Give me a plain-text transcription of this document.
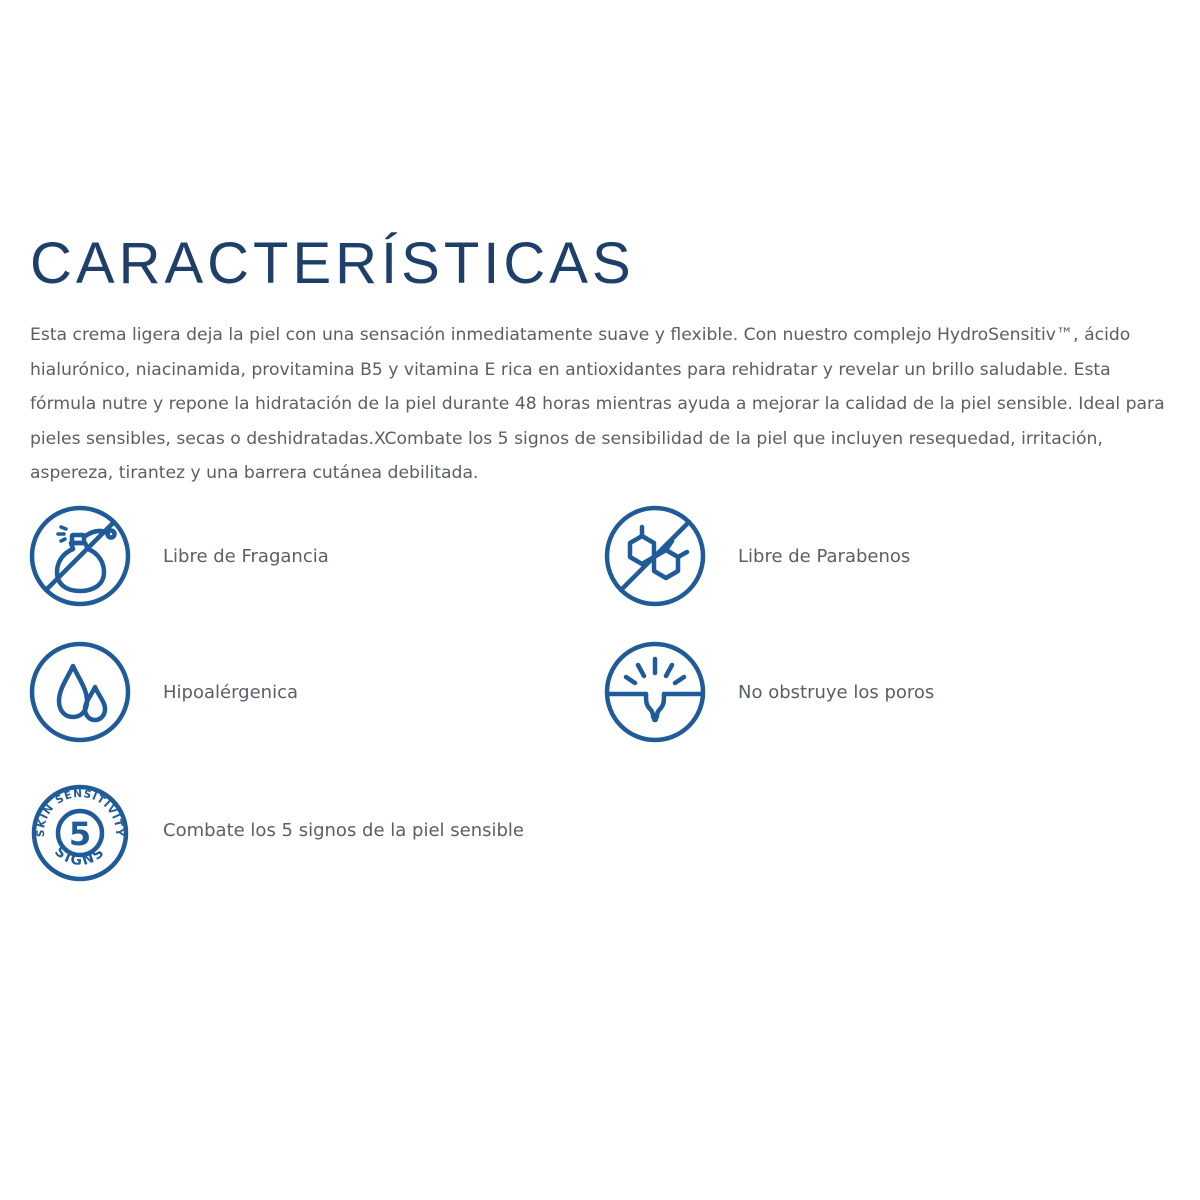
CARACTERÍSTICAS

Esta crema ligera deja la piel con una sensación inmediatamente suave y flexible. Con nuestro complejo HydroSensitiv™, ácido hialurónico, niacinamida, provitamina B5 y vitamina E rica en antioxidantes para rehidratar y revelar un brillo saludable. Esta fórmula nutre y repone la hidratación de la piel durante 48 horas mientras ayuda a mejorar la calidad de la piel sensible. Ideal para pieles sensibles, secas o deshidratadas.XCombate los 5 signos de sensibilidad de la piel que incluyen resequedad, irritación, aspereza, tirantez y una barrera cutánea debilitada.

Libre de Fragancia	Libre de Parabenos
Hipoalérgenica	No obstruye los poros
SKIN SENSITIVITY
5
SIGNS
Combate los 5 signos de la piel sensible
